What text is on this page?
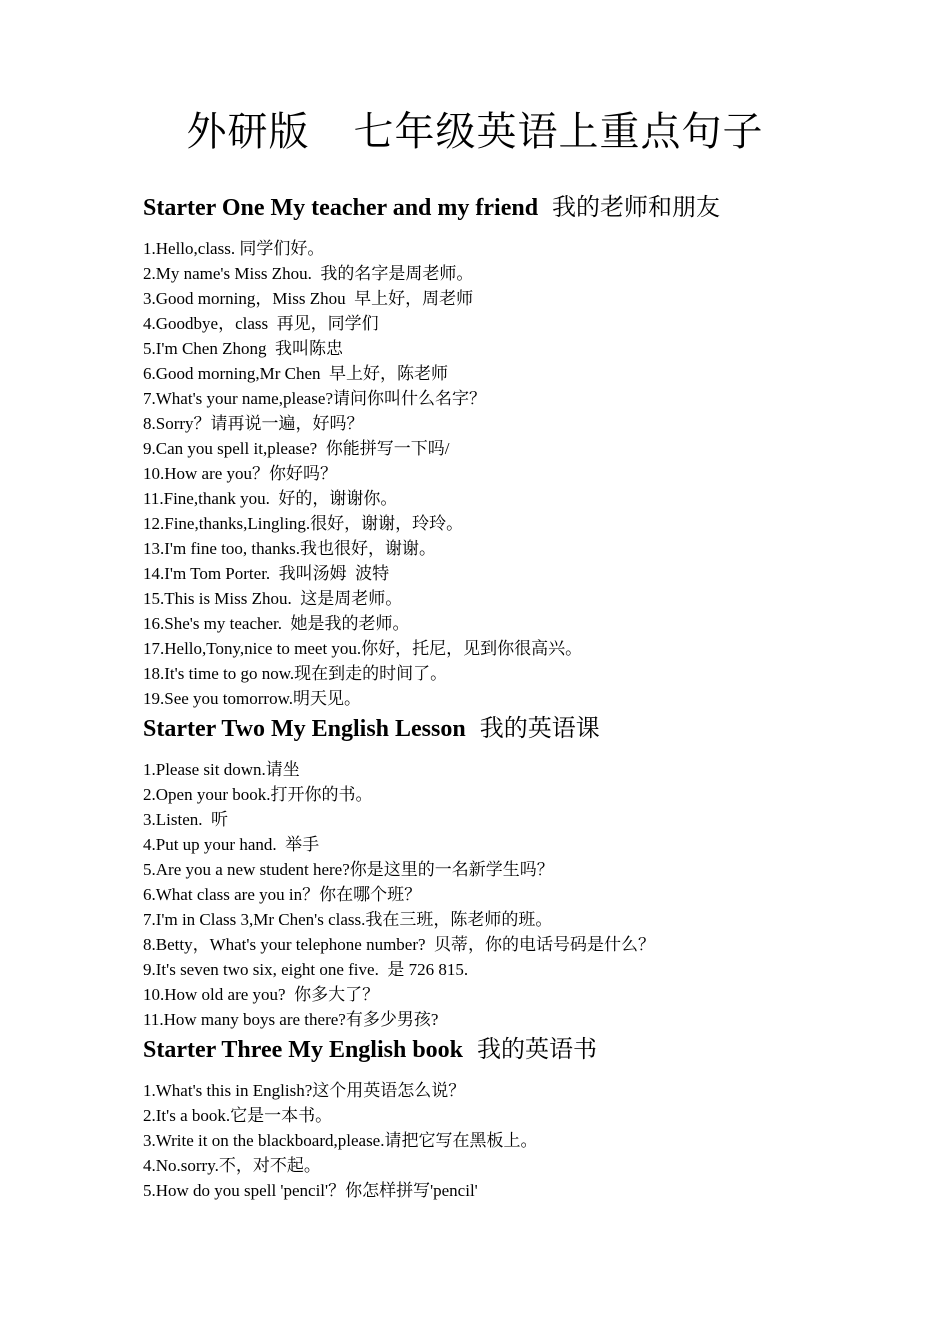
外研版    七年级英语上重点句子
Starter One My teacher and my friend 我的老师和朋友
1.Hello,class. 同学们好。
2.My name's Miss Zhou.  我的名字是周老师。
3.Good morning，Miss Zhou  早上好，周老师
4.Goodbye，class  再见，同学们
5.I'm Chen Zhong  我叫陈忠
6.Good morning,Mr Chen  早上好，陈老师
7.What's your name,please?请问你叫什么名字？
8.Sorry？请再说一遍，好吗？
9.Can you spell it,please?  你能拼写一下吗/
10.How are you？你好吗？
11.Fine,thank you.  好的，谢谢你。
12.Fine,thanks,Lingling.很好，谢谢，玲玲。
13.I'm fine too, thanks.我也很好，谢谢。
14.I'm Tom Porter.  我叫汤姆  波特
15.This is Miss Zhou.  这是周老师。
16.She's my teacher.  她是我的老师。
17.Hello,Tony,nice to meet you.你好，托尼，见到你很高兴。
18.It's time to go now.现在到走的时间了。
19.See you tomorrow.明天见。
Starter Two My English Lesson 我的英语课
1.Please sit down.请坐
2.Open your book.打开你的书。
3.Listen.  听
4.Put up your hand.  举手
5.Are you a new student here?你是这里的一名新学生吗？
6.What class are you in？你在哪个班？
7.I'm in Class 3,Mr Chen's class.我在三班，陈老师的班。
8.Betty，What's your telephone number?  贝蒂，你的电话号码是什么？
9.It's seven two six, eight one five.  是 726 815.
10.How old are you?  你多大了？
11.How many boys are there?有多少男孩?
Starter Three My English book 我的英语书
1.What's this in English?这个用英语怎么说？
2.It's a book.它是一本书。
3.Write it on the blackboard,please.请把它写在黑板上。
4.No.sorry.不，对不起。
5.How do you spell 'pencil'？你怎样拼写'pencil'
